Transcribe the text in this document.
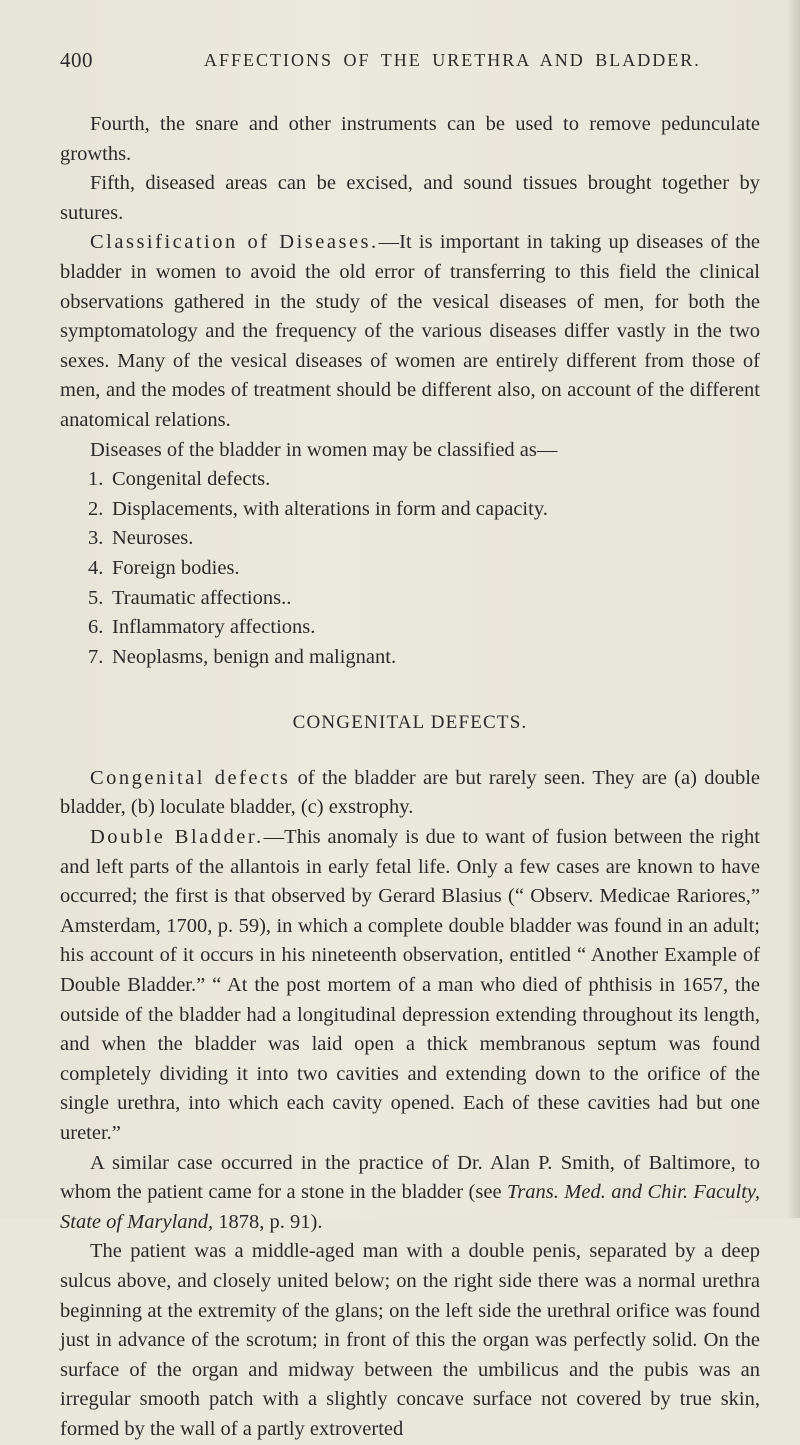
400	AFFECTIONS OF THE URETHRA AND BLADDER.

Fourth, the snare and other instruments can be used to remove pedunculate growths.

Fifth, diseased areas can be excised, and sound tissues brought together by sutures.

Classification of Diseases.—It is important in taking up diseases of the bladder in women to avoid the old error of transferring to this field the clinical observations gathered in the study of the vesical diseases of men, for both the symptomatology and the frequency of the various diseases differ vastly in the two sexes. Many of the vesical diseases of women are entirely different from those of men, and the modes of treatment should be different also, on account of the different anatomical relations.

Diseases of the bladder in women may be classified as—

1. Congenital defects.
2. Displacements, with alterations in form and capacity.
3. Neuroses.
4. Foreign bodies.
5. Traumatic affections..
6. Inflammatory affections.
7. Neoplasms, benign and malignant.
CONGENITAL DEFECTS.

Congenital defects of the bladder are but rarely seen. They are (a) double bladder, (b) loculate bladder, (c) exstrophy.

Double Bladder.—This anomaly is due to want of fusion between the right and left parts of the allantois in early fetal life. Only a few cases are known to have occurred; the first is that observed by Gerard Blasius (“ Observ. Medicae Rariores,” Amsterdam, 1700, p. 59), in which a complete double bladder was found in an adult; his account of it occurs in his nineteenth observation, entitled “ Another Example of Double Bladder.” “ At the post mortem of a man who died of phthisis in 1657, the outside of the bladder had a longitudinal depression extending throughout its length, and when the bladder was laid open a thick membranous septum was found completely dividing it into two cavities and extending down to the orifice of the single urethra, into which each cavity opened. Each of these cavities had but one ureter.”

A similar case occurred in the practice of Dr. Alan P. Smith, of Baltimore, to whom the patient came for a stone in the bladder (see Trans. Med. and Chir. Faculty, State of Maryland, 1878, p. 91).

The patient was a middle-aged man with a double penis, separated by a deep sulcus above, and closely united below; on the right side there was a normal urethra beginning at the extremity of the glans; on the left side the urethral orifice was found just in advance of the scrotum; in front of this the organ was perfectly solid. On the surface of the organ and midway between the umbilicus and the pubis was an irregular smooth patch with a slightly concave surface not covered by true skin, formed by the wall of a partly extroverted
